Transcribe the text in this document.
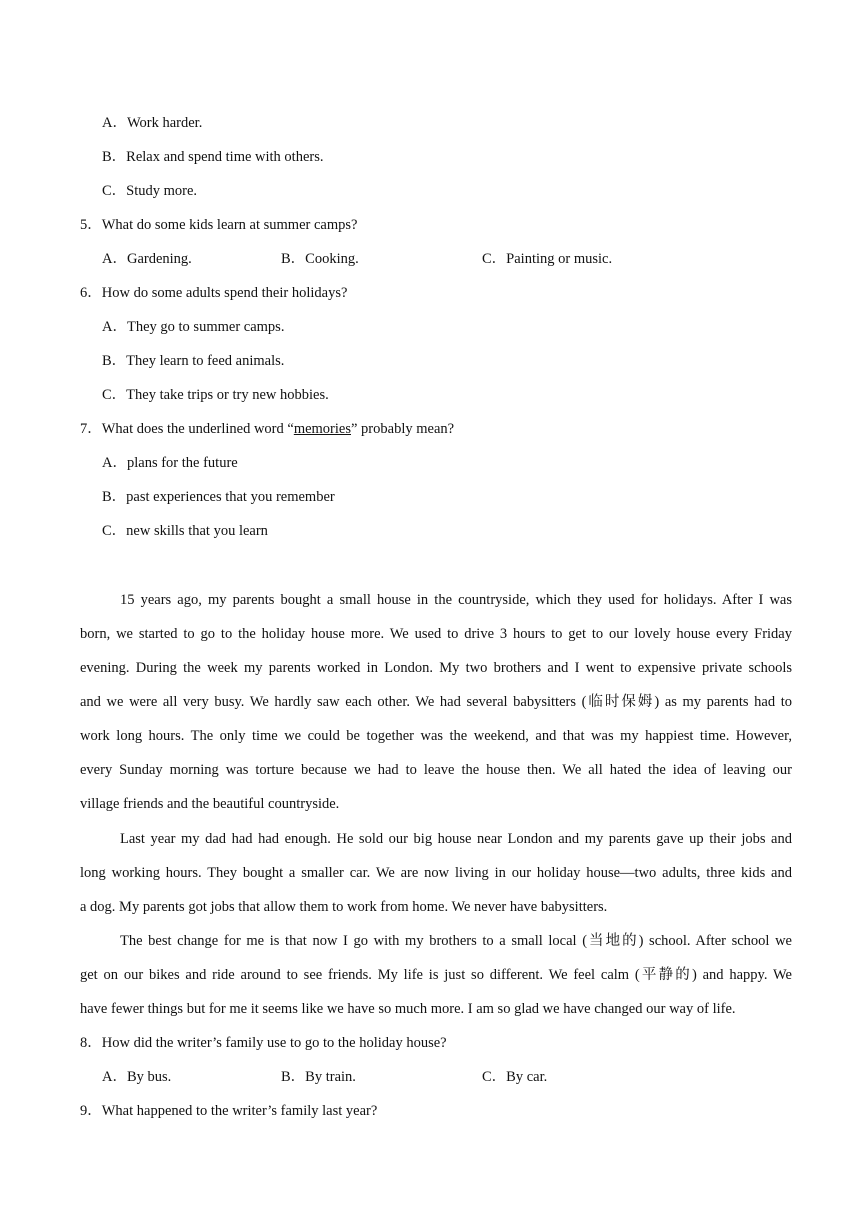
A．Work harder.
B．Relax and spend time with others.
C．Study more.
5．What do some kids learn at summer camps?
A．Gardening.	B．Cooking.	C．Painting or music.
6．How do some adults spend their holidays?
A．They go to summer camps.
B．They learn to feed animals.
C．They take trips or try new hobbies.
7．What does the underlined word “memories” probably mean?
A．plans for the future
B．past experiences that you remember
C．new skills that you learn
15 years ago, my parents bought a small house in the countryside, which they used for holidays. After I was
born, we started to go to the holiday house more. We used to drive 3 hours to get to our lovely house every Friday
evening. During the week my parents worked in London. My two brothers and I went to expensive private schools
and we were all very busy. We hardly saw each other. We had several babysitters (临时保姆) as my parents had to
work long hours. The only time we could be together was the weekend, and that was my happiest time. However,
every Sunday morning was torture because we had to leave the house then. We all hated the idea of leaving our
village friends and the beautiful countryside.
Last year my dad had had enough. He sold our big house near London and my parents gave up their jobs and
long working hours. They bought a smaller car. We are now living in our holiday house—two adults, three kids and
a dog. My parents got jobs that allow them to work from home. We never have babysitters.
The best change for me is that now I go with my brothers to a small local (当地的) school. After school we
get on our bikes and ride around to see friends. My life is just so different. We feel calm (平静的) and happy. We
have fewer things but for me it seems like we have so much more. I am so glad we have changed our way of life.
8．How did the writer’s family use to go to the holiday house?
A．By bus.	B．By train.	C．By car.
9．What happened to the writer’s family last year?
